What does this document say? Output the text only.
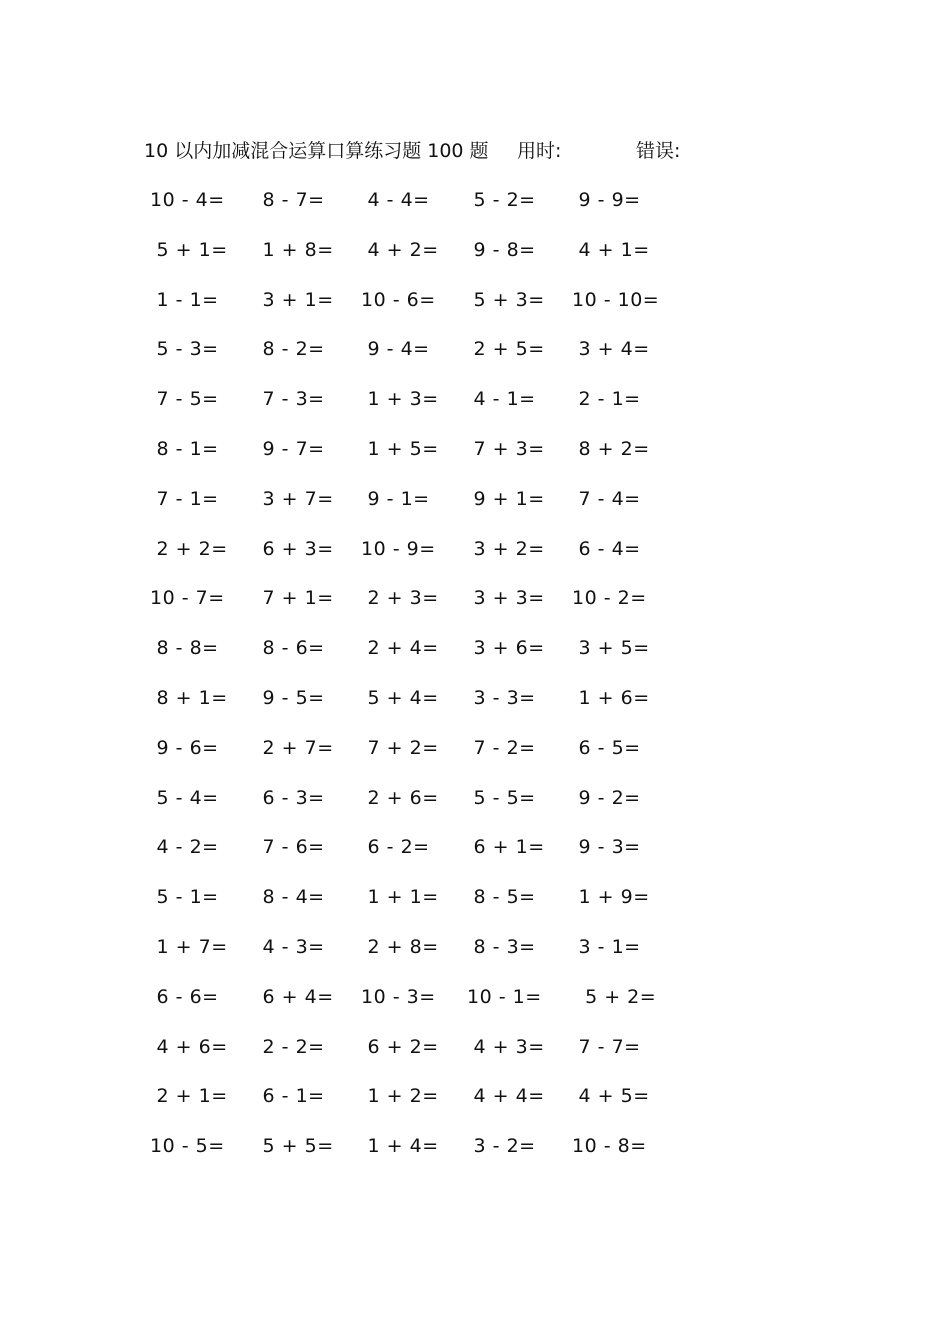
10 以内加减混合运算口算练习题 100 题 用时:	错误:
10 - 4= 8 - 7= 4 - 4= 5 - 2= 9 - 9=
5 + 1= 1 + 8= 4 + 2= 9 - 8= 4 + 1=
1 - 1= 3 + 1= 10 - 6= 5 + 3= 10 - 10=
5 - 3= 8 - 2= 9 - 4= 2 + 5= 3 + 4=
7 - 5= 7 - 3= 1 + 3= 4 - 1= 2 - 1=
8 - 1= 9 - 7= 1 + 5= 7 + 3= 8 + 2=
7 - 1= 3 + 7= 9 - 1= 9 + 1= 7 - 4=
2 + 2= 6 + 3= 10 - 9= 3 + 2= 6 - 4=
10 - 7= 7 + 1= 2 + 3= 3 + 3= 10 - 2=
8 - 8= 8 - 6= 2 + 4= 3 + 6= 3 + 5=
8 + 1= 9 - 5= 5 + 4= 3 - 3= 1 + 6=
9 - 6= 2 + 7= 7 + 2= 7 - 2= 6 - 5=
5 - 4= 6 - 3= 2 + 6= 5 - 5= 9 - 2=
4 - 2= 7 - 6= 6 - 2= 6 + 1= 9 - 3=
5 - 1= 8 - 4= 1 + 1= 8 - 5= 1 + 9=
1 + 7= 4 - 3= 2 + 8= 8 - 3= 3 - 1=
6 - 6= 6 + 4= 10 - 3= 10 - 1= 5 + 2=
4 + 6= 2 - 2= 6 + 2= 4 + 3= 7 - 7=
2 + 1= 6 - 1= 1 + 2= 4 + 4= 4 + 5=
10 - 5= 5 + 5= 1 + 4= 3 - 2= 10 - 8=
